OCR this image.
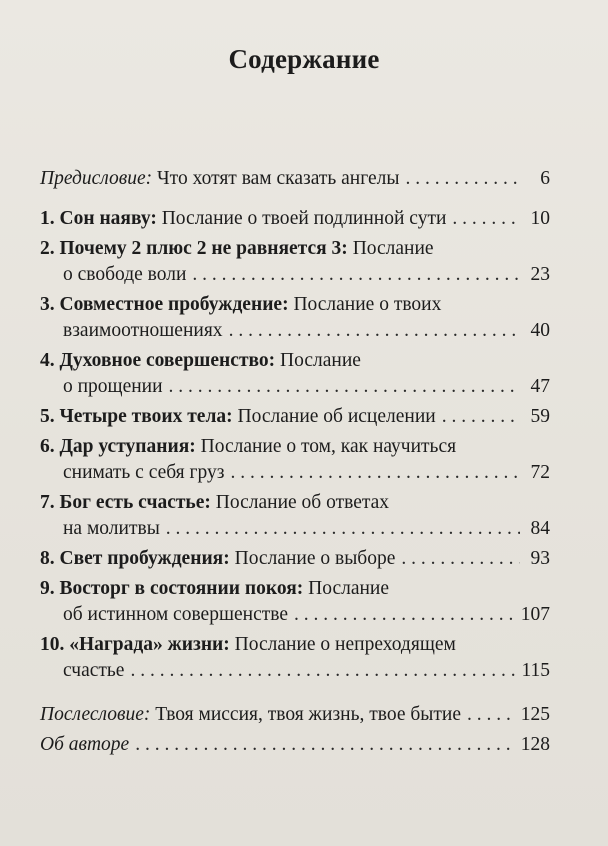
Содержание
Предисловие:
Что хотят вам сказать ангелы . . .	6
1.
Сон наяву:
Послание о твоей подлинной сути . . .	10
2.
Почему 2 плюс 2 не равняется 3:
Послание
о свободе воли . . .	23
3.
Совместное пробуждение:
Послание о твоих
взаимоотношениях . . .	40
4.
Духовное совершенство:
Послание
о прощении . . .	47
5.
Четыре твоих тела:
Послание об исцелении . . .	59
6.
Дар уступания:
Послание о том, как научиться
снимать с себя груз . . .	72
7.
Бог есть счастье:
Послание об ответах
на молитвы . . .	84
8.
Свет пробуждения:
Послание о выборе . . .	93
9.
Восторг в состоянии покоя:
Послание
об истинном совершенстве . . .	107
10.
«Награда» жизни:
Послание о непреходящем
счастье . . .	115
Послесловие:
Твоя миссия, твоя жизнь, твое бытие . . .	125
Об авторе . . .	128
